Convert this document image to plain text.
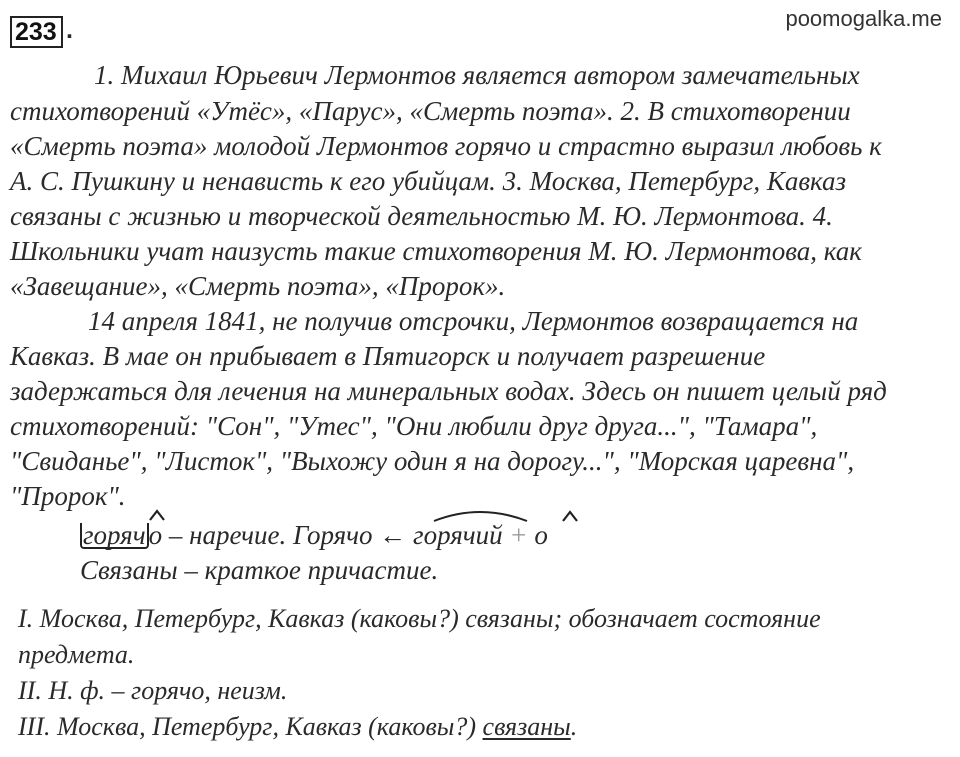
233 .	poomogalka.me
1. Михаил Юрьевич Лермонтов является автором замечательных
стихотворений «Утёс», «Парус», «Смерть поэта». 2. В стихотворении
«Смерть поэта» молодой Лермонтов горячо и страстно выразил любовь к
А. С. Пушкину и ненависть к его убийцам. 3. Москва, Петербург, Кавказ
связаны с жизнью и творческой деятельностью М. Ю. Лермонтова. 4.
Школьники учат наизусть такие стихотворения М. Ю. Лермонтова, как
«Завещание», «Смерть поэта», «Пророк».
14 апреля 1841, не получив отсрочки, Лермонтов возвращается на
Кавказ. В мае он прибывает в Пятигорск и получает разрешение
задержаться для лечения на минеральных водах. Здесь он пишет целый ряд
стихотворений: "Сон", "Утес", "Они любили друг друга...", "Тамара",
"Свиданье", "Листок", "Выхожу один я на дорогу...", "Морская царевна",
"Пророк".
горяч о – наречие. Горячо ← горячий + о
Связаны – краткое причастие.
I. Москва, Петербург, Кавказ (каковы?) связаны; обозначает состояние
предмета.
II. Н. ф. – горячо, неизм.
III. Москва, Петербург, Кавказ (каковы?) связаны.
